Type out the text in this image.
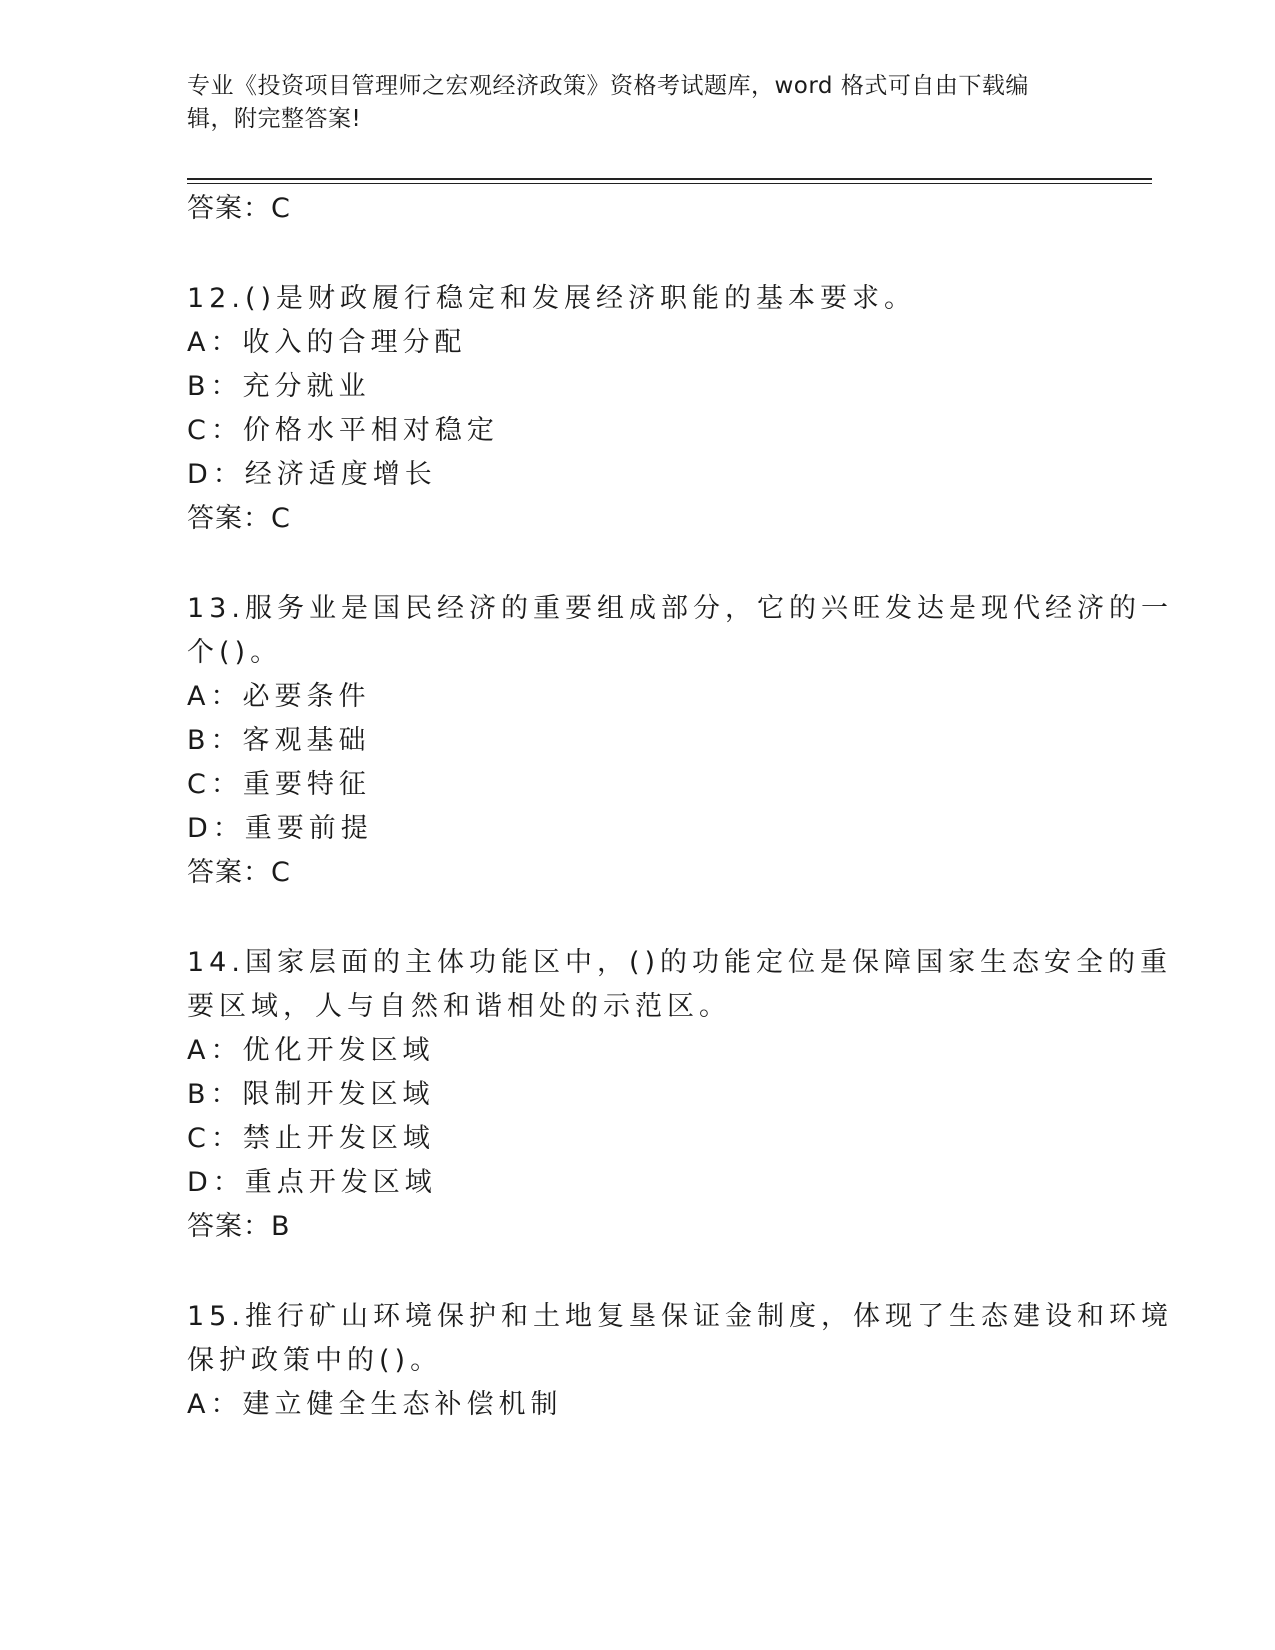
专业《投资项目管理师之宏观经济政策》资格考试题库，word 格式可自由下载编
辑，附完整答案!
答案：C
12.()是财政履行稳定和发展经济职能的基本要求。
A：收入的合理分配
B：充分就业
C：价格水平相对稳定
D：经济适度增长
答案：C
13.服务业是国民经济的重要组成部分，它的兴旺发达是现代经济的一
个()。
A：必要条件
B：客观基础
C：重要特征
D：重要前提
答案：C
14.国家层面的主体功能区中，()的功能定位是保障国家生态安全的重
要区域，人与自然和谐相处的示范区。
A：优化开发区域
B：限制开发区域
C：禁止开发区域
D：重点开发区域
答案：B
15.推行矿山环境保护和土地复垦保证金制度，体现了生态建设和环境
保护政策中的()。
A：建立健全生态补偿机制
